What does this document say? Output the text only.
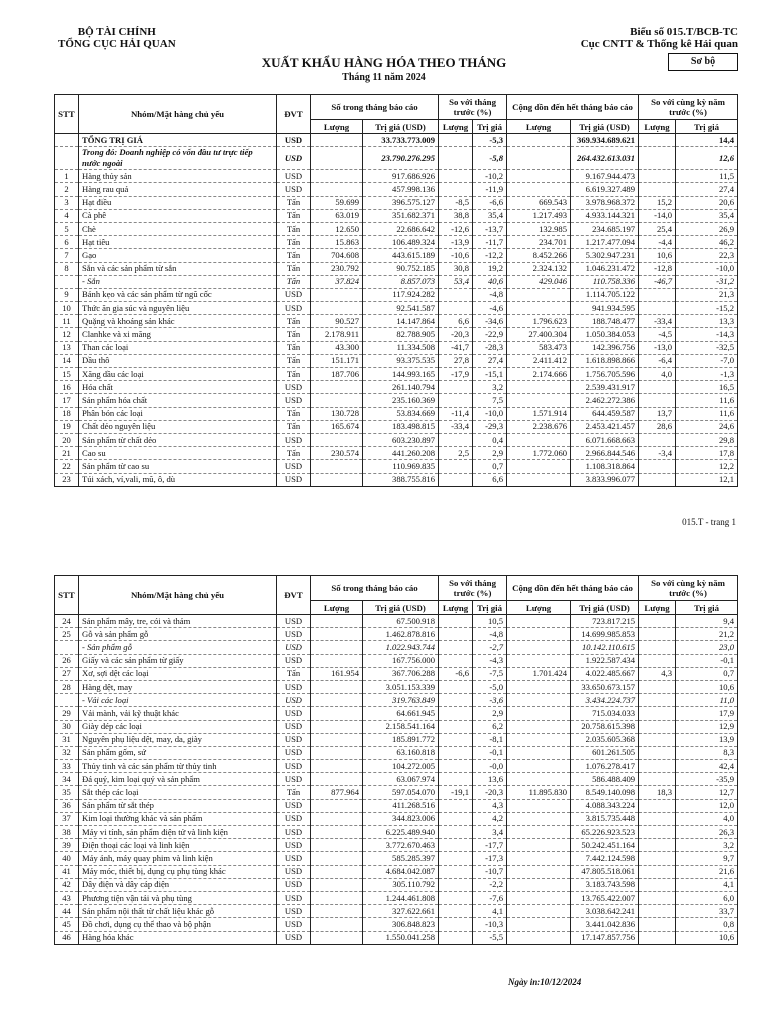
BỘ TÀI CHÍNH
TỔNG CỤC HẢI QUAN
Biểu số 015.T/BCB-TC
Cục CNTT & Thống kê Hải quan
XUẤT KHẨU HÀNG HÓA THEO THÁNG
Tháng 11 năm 2024
Sơ bộ
STT	Nhóm/Mặt hàng chủ yếu	ĐVT	Số trong tháng báo cáo		So với tháng trước (%)		Cộng dồn đến hết tháng báo cáo		So với cùng kỳ năm trước (%)	
			Lượng	Trị giá (USD)	Lượng	Trị giá	Lượng	Trị giá (USD)	Lượng	Trị giá
	TỔNG TRỊ GIÁ	USD		33.733.773.009		-5,3		369.934.689.621		14,4
	Trong đó: Doanh nghiệp có vốn đầu tư trực tiếp nước ngoài	USD		23.790.276.295		-5,8		264.432.613.031		12,6
1	Hàng thủy sản	USD		917.686.926		-10,2		9.167.944.473		11,5
2	Hàng rau quả	USD		457.998.136		-11,9		6.619.327.489		27,4
3	Hạt điều	Tấn	59.699	396.575.127	-8,5	-6,6	669.543	3.978.968.372	15,2	20,6
4	Cà phê	Tấn	63.019	351.682.371	38,8	35,4	1.217.493	4.933.144.321	-14,0	35,4
5	Chè	Tấn	12.650	22.686.642	-12,6	-13,7	132.985	234.685.197	25,4	26,9
6	Hạt tiêu	Tấn	15.863	106.489.324	-13,9	-11,7	234.701	1.217.477.094	-4,4	46,2
7	Gạo	Tấn	704.608	443.615.189	-10,6	-12,2	8.452.266	5.302.947.231	10,6	22,3
8	Sắn và các sản phẩm từ sắn	Tấn	230.792	90.752.185	30,8	19,2	2.324.132	1.046.231.472	-12,8	-10,0
	- Sắn	Tấn	37.824	8.857.073	53,4	40,6	429.046	110.758.336	-46,7	-31,2
9	Bánh kẹo và các sản phẩm từ ngũ cốc	USD		117.924.282		-4,8		1.114.705.122		21,3
10	Thức ăn gia súc và nguyên liệu	USD		92.541.587		-4,6		941.934.595		-15,2
11	Quặng và khoáng sản khác	Tấn	90.527	14.147.864	6,6	-34,6	1.796.623	188.748.477	-33,4	13,3
12	Clanhke và xi măng	Tấn	2.178.911	82.788.905	-20,3	-22,9	27.400.304	1.050.384.053	-4,5	-14,3
13	Than các loại	Tấn	43.300	11.334.508	-41,7	-28,3	583.473	142.396.756	-13,0	-32,5
14	Dầu thô	Tấn	151.171	93.375.535	27,8	27,4	2.411.412	1.618.898.866	-6,4	-7,0
15	Xăng dầu các loại	Tấn	187.706	144.993.165	-17,9	-15,1	2.174.666	1.756.705.596	4,0	-1,3
16	Hóa chất	USD		261.140.794		3,2		2.539.431.917		16,5
17	Sản phẩm hóa chất	USD		235.160.369		7,5		2.462.272.386		11,6
18	Phân bón các loại	Tấn	130.728	53.834.669	-11,4	-10,0	1.571.914	644.459.587	13,7	11,6
19	Chất dẻo nguyên liệu	Tấn	165.674	183.498.815	-33,4	-29,3	2.238.676	2.453.421.457	28,6	24,6
20	Sản phẩm từ chất dẻo	USD		603.230.897		0,4		6.071.668.663		29,8
21	Cao su	Tấn	230.574	441.260.208	2,5	2,9	1.772.060	2.966.844.546	-3,4	17,8
22	Sản phẩm từ cao su	USD		110.969.835		0,7		1.108.318.864		12,2
23	Túi xách, ví,vali, mũ, ô, dù	USD		388.755.816		6,6		3.833.996.077		12,1
015.T - trang 1
STT	Nhóm/Mặt hàng chủ yếu	ĐVT	Số trong tháng báo cáo		So với tháng trước (%)		Cộng dồn đến hết tháng báo cáo		So với cùng kỳ năm trước (%)	
			Lượng	Trị giá (USD)	Lượng	Trị giá	Lượng	Trị giá (USD)	Lượng	Trị giá
24	Sản phẩm mây, tre, cói và thảm	USD		67.500.918		10,5		723.817.215		9,4
25	Gỗ và sản phẩm gỗ	USD		1.462.878.816		-4,8		14.699.985.853		21,2
	- Sản phẩm gỗ	USD		1.022.943.744		-2,7		10.142.110.615		23,0
26	Giấy và các sản phẩm từ giấy	USD		167.756.000		-4,3		1.922.587.434		-0,1
27	Xơ, sợi dệt các loại	Tấn	161.954	367.706.288	-6,6	-7,5	1.701.424	4.022.485.667	4,3	0,7
28	Hàng dệt, may	USD		3.051.153.339		-5,0		33.650.673.157		10,6
	- Vải các loại	USD		319.763.849		-3,6		3.434.224.737		11,0
29	Vải mành, vải kỹ thuật khác	USD		64.661.945		2,9		715.034.033		17,9
30	Giày dép các loại	USD		2.158.541.164		6,2		20.758.615.398		12,9
31	Nguyên phụ liệu dệt, may, da, giày	USD		185.891.772		-8,1		2.035.605.368		13,9
32	Sản phẩm gốm, sứ	USD		63.160.818		-0,1		601.261.505		8,3
33	Thủy tinh và các sản phẩm từ thủy tinh	USD		104.272.005		-0,0		1.076.278.417		42,4
34	Đá quý, kim loại quý và sản phẩm	USD		63.067.974		13,6		586.488.409		-35,9
35	Sắt thép các loại	Tấn	877.964	597.054.070	-19,1	-20,3	11.895.830	8.549.140.098	18,3	12,7
36	Sản phẩm từ sắt thép	USD		411.268.516		4,3		4.088.343.224		12,0
37	Kim loại thường khác và sản phẩm	USD		344.823.006		4,2		3.815.735.448		4,0
38	Máy vi tính, sản phẩm điện tử và linh kiện	USD		6.225.489.940		3,4		65.226.923.523		26,3
39	Điện thoại các loại và linh kiện	USD		3.772.670.463		-17,7		50.242.451.164		3,2
40	Máy ảnh, máy quay phim và linh kiện	USD		585.285.397		-17,3		7.442.124.598		9,7
41	Máy móc, thiết bị, dụng cụ phụ tùng khác	USD		4.684.042.087		-10,7		47.805.518.061		21,6
42	Dây điện và dây cáp điện	USD		305.110.792		-2,2		3.183.743.598		4,1
43	Phương tiện vận tải và phụ tùng	USD		1.244.461.808		-7,6		13.765.422.007		6,0
44	Sản phẩm nội thất từ chất liệu khác gỗ	USD		327.622.661		4,1		3.038.642.241		33,7
45	Đồ chơi, dụng cụ thể thao và bộ phận	USD		306.848.823		-10,3		3.441.042.836		0,8
46	Hàng hóa khác	USD		1.550.041.258		-5,5		17.147.857.756		10,6
Ngày in:10/12/2024
